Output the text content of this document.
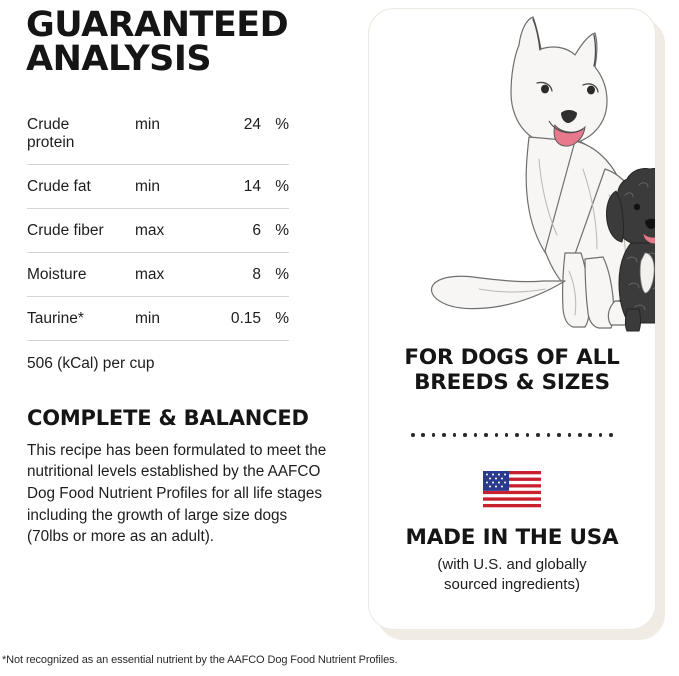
GUARANTEED
ANALYSIS
Crude protein	min	24	%
Crude fat	min	14	%
Crude fiber	max	6	%
Moisture	max	8	%
Taurine*	min	0.15	%
506 (kCal) per cup
COMPLETE & BALANCED

This recipe has been formulated to meet the nutritional levels established by the AAFCO Dog Food Nutrient Profiles for all life stages including the growth of large size dogs (70lbs or more as an adult).

*Not recognized as an essential nutrient by the AAFCO Dog Food Nutrient Profiles.
FOR DOGS OF ALL
BREEDS & SIZES
MADE IN THE USA
(with U.S. and globally
sourced ingredients)
